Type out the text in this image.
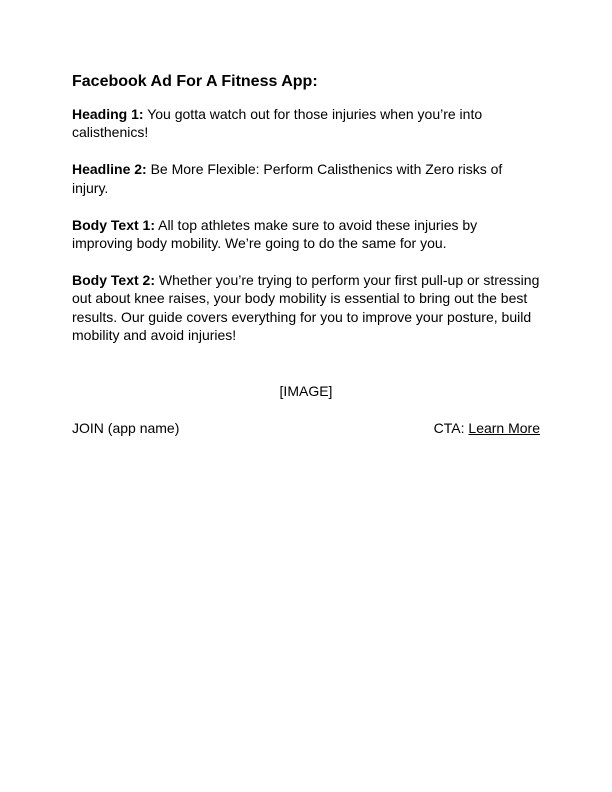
Facebook Ad For A Fitness App:

Heading 1: You gotta watch out for those injuries when you’re into calisthenics!

Headline 2: Be More Flexible: Perform Calisthenics with Zero risks of injury.

Body Text 1: All top athletes make sure to avoid these injuries by improving body mobility. We’re going to do the same for you.

Body Text 2: Whether you’re trying to perform your first pull-up or stressing out about knee raises, your body mobility is essential to bring out the best results. Our guide covers everything for you to improve your posture, build mobility and avoid injuries!

[IMAGE]
JOIN (app name)	CTA: Learn More
